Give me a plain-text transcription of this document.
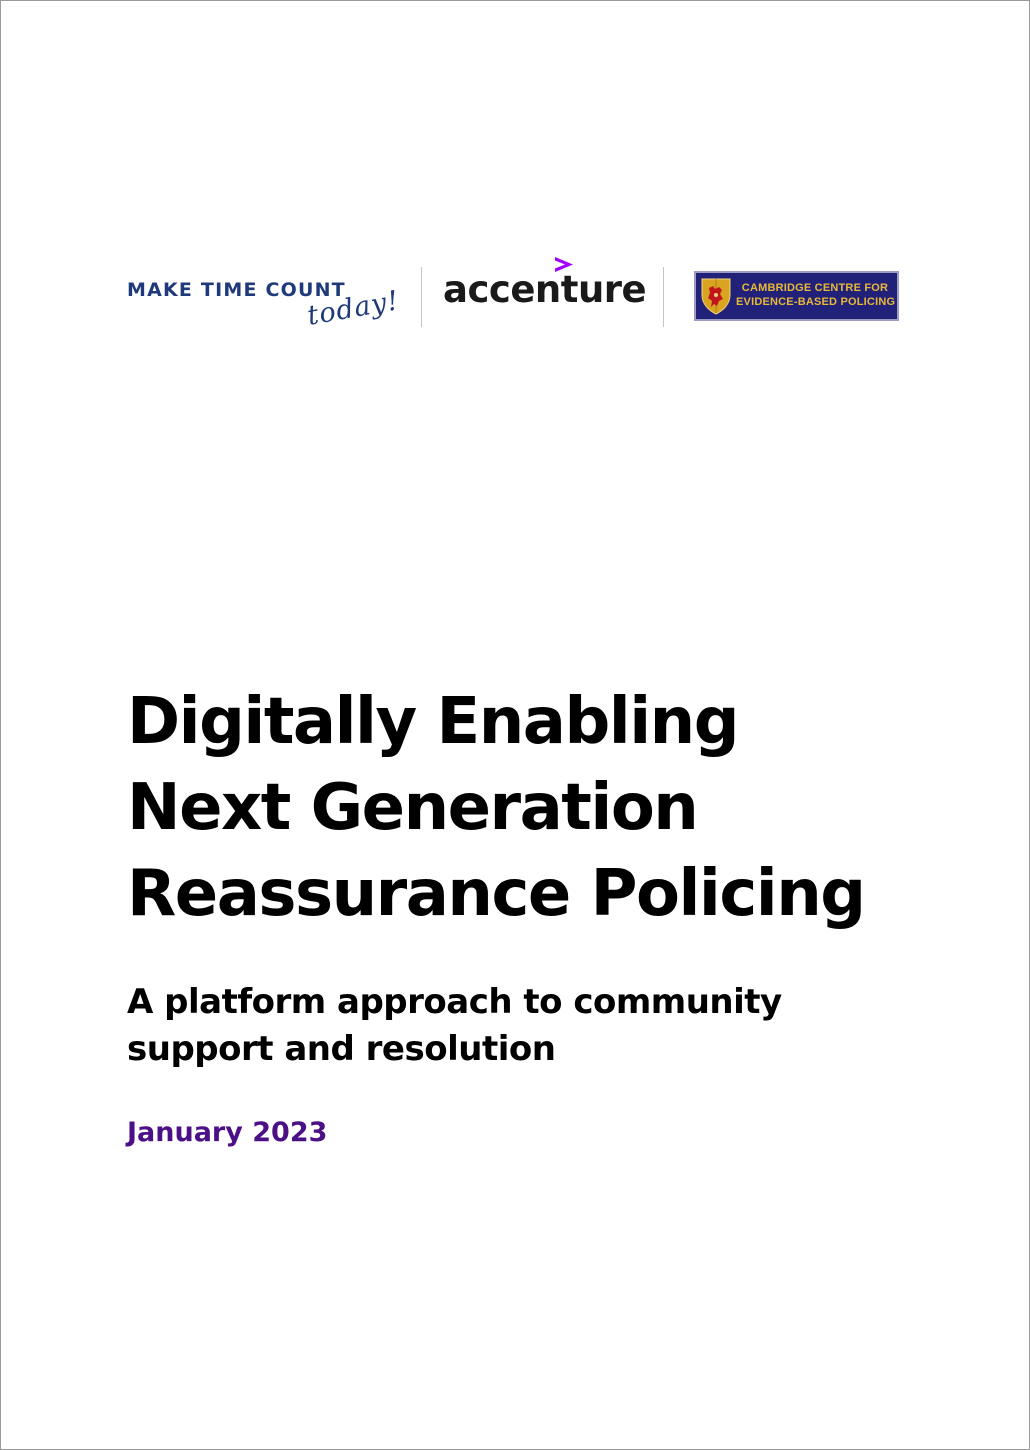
MAKE TIME COUNT
today! accenture	CAMBRIDGE CENTRE FOR
EVIDENCE-BASED POLICING
Digitally Enabling
Next Generation
Reassurance Policing
A platform approach to community
support and resolution
January 2023
